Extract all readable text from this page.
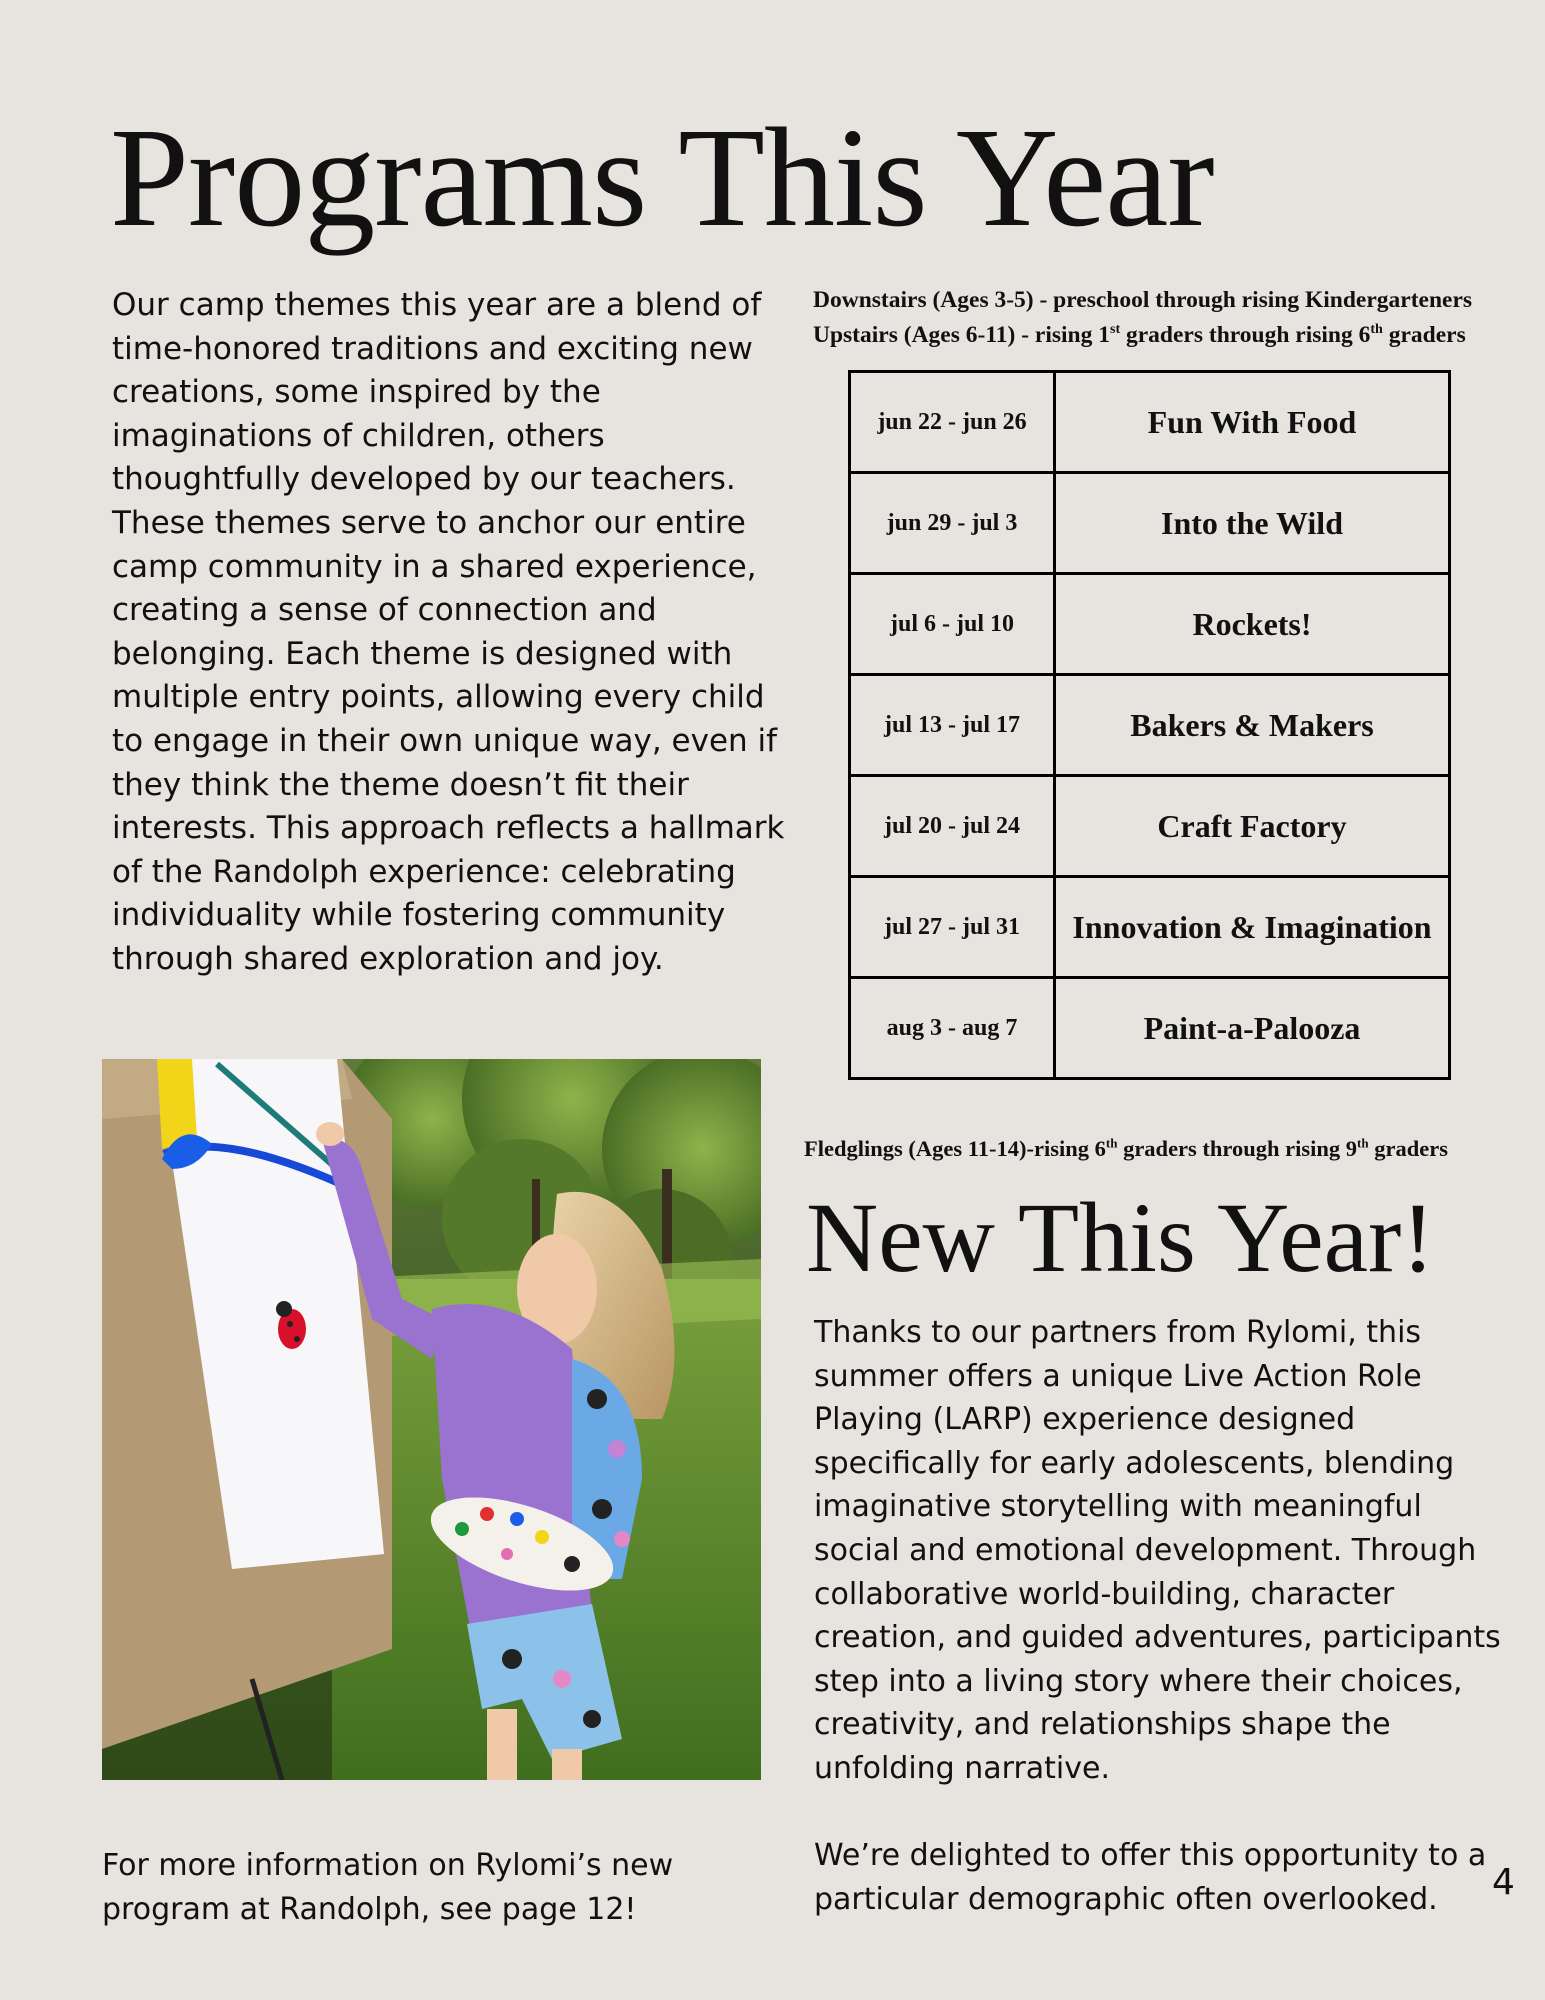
Programs This Year

Our camp themes this year are a blend of time-honored traditions and exciting new creations, some inspired by the imaginations of children, others thoughtfully developed by our teachers. These themes serve to anchor our entire camp community in a shared experience, creating a sense of connection and belonging. Each theme is designed with multiple entry points, allowing every child to engage in their own unique way, even if they think the theme doesn’t fit their interests. This approach reflects a hallmark of the Randolph experience: celebrating individuality while fostering community through shared exploration and joy.

Downstairs (Ages 3-5) - preschool through rising Kindergarteners
Upstairs (Ages 6-11) - rising 1st graders through rising 6th graders
jun 22 - jun 26	Fun With Food
jun 29 - jul 3	Into the Wild
jul 6 - jul 10	Rockets!
jul 13 - jul 17	Bakers & Makers
jul 20 - jul 24	Craft Factory
jul 27 - jul 31	Innovation & Imagination
aug 3 - aug 7	Paint-a-Palooza
Fledglings (Ages 11-14)-rising 6th graders through rising 9th graders
New This Year!

Thanks to our partners from Rylomi, this summer offers a unique Live Action Role Playing (LARP) experience designed specifically for early adolescents, blending imaginative storytelling with meaningful social and emotional development. Through collaborative world-building, character creation, and guided adventures, participants step into a living story where their choices, creativity, and relationships shape the unfolding narrative.

We’re delighted to offer this opportunity to a particular demographic often overlooked.

For more information on Rylomi’s new program at Randolph, see page 12!

4
